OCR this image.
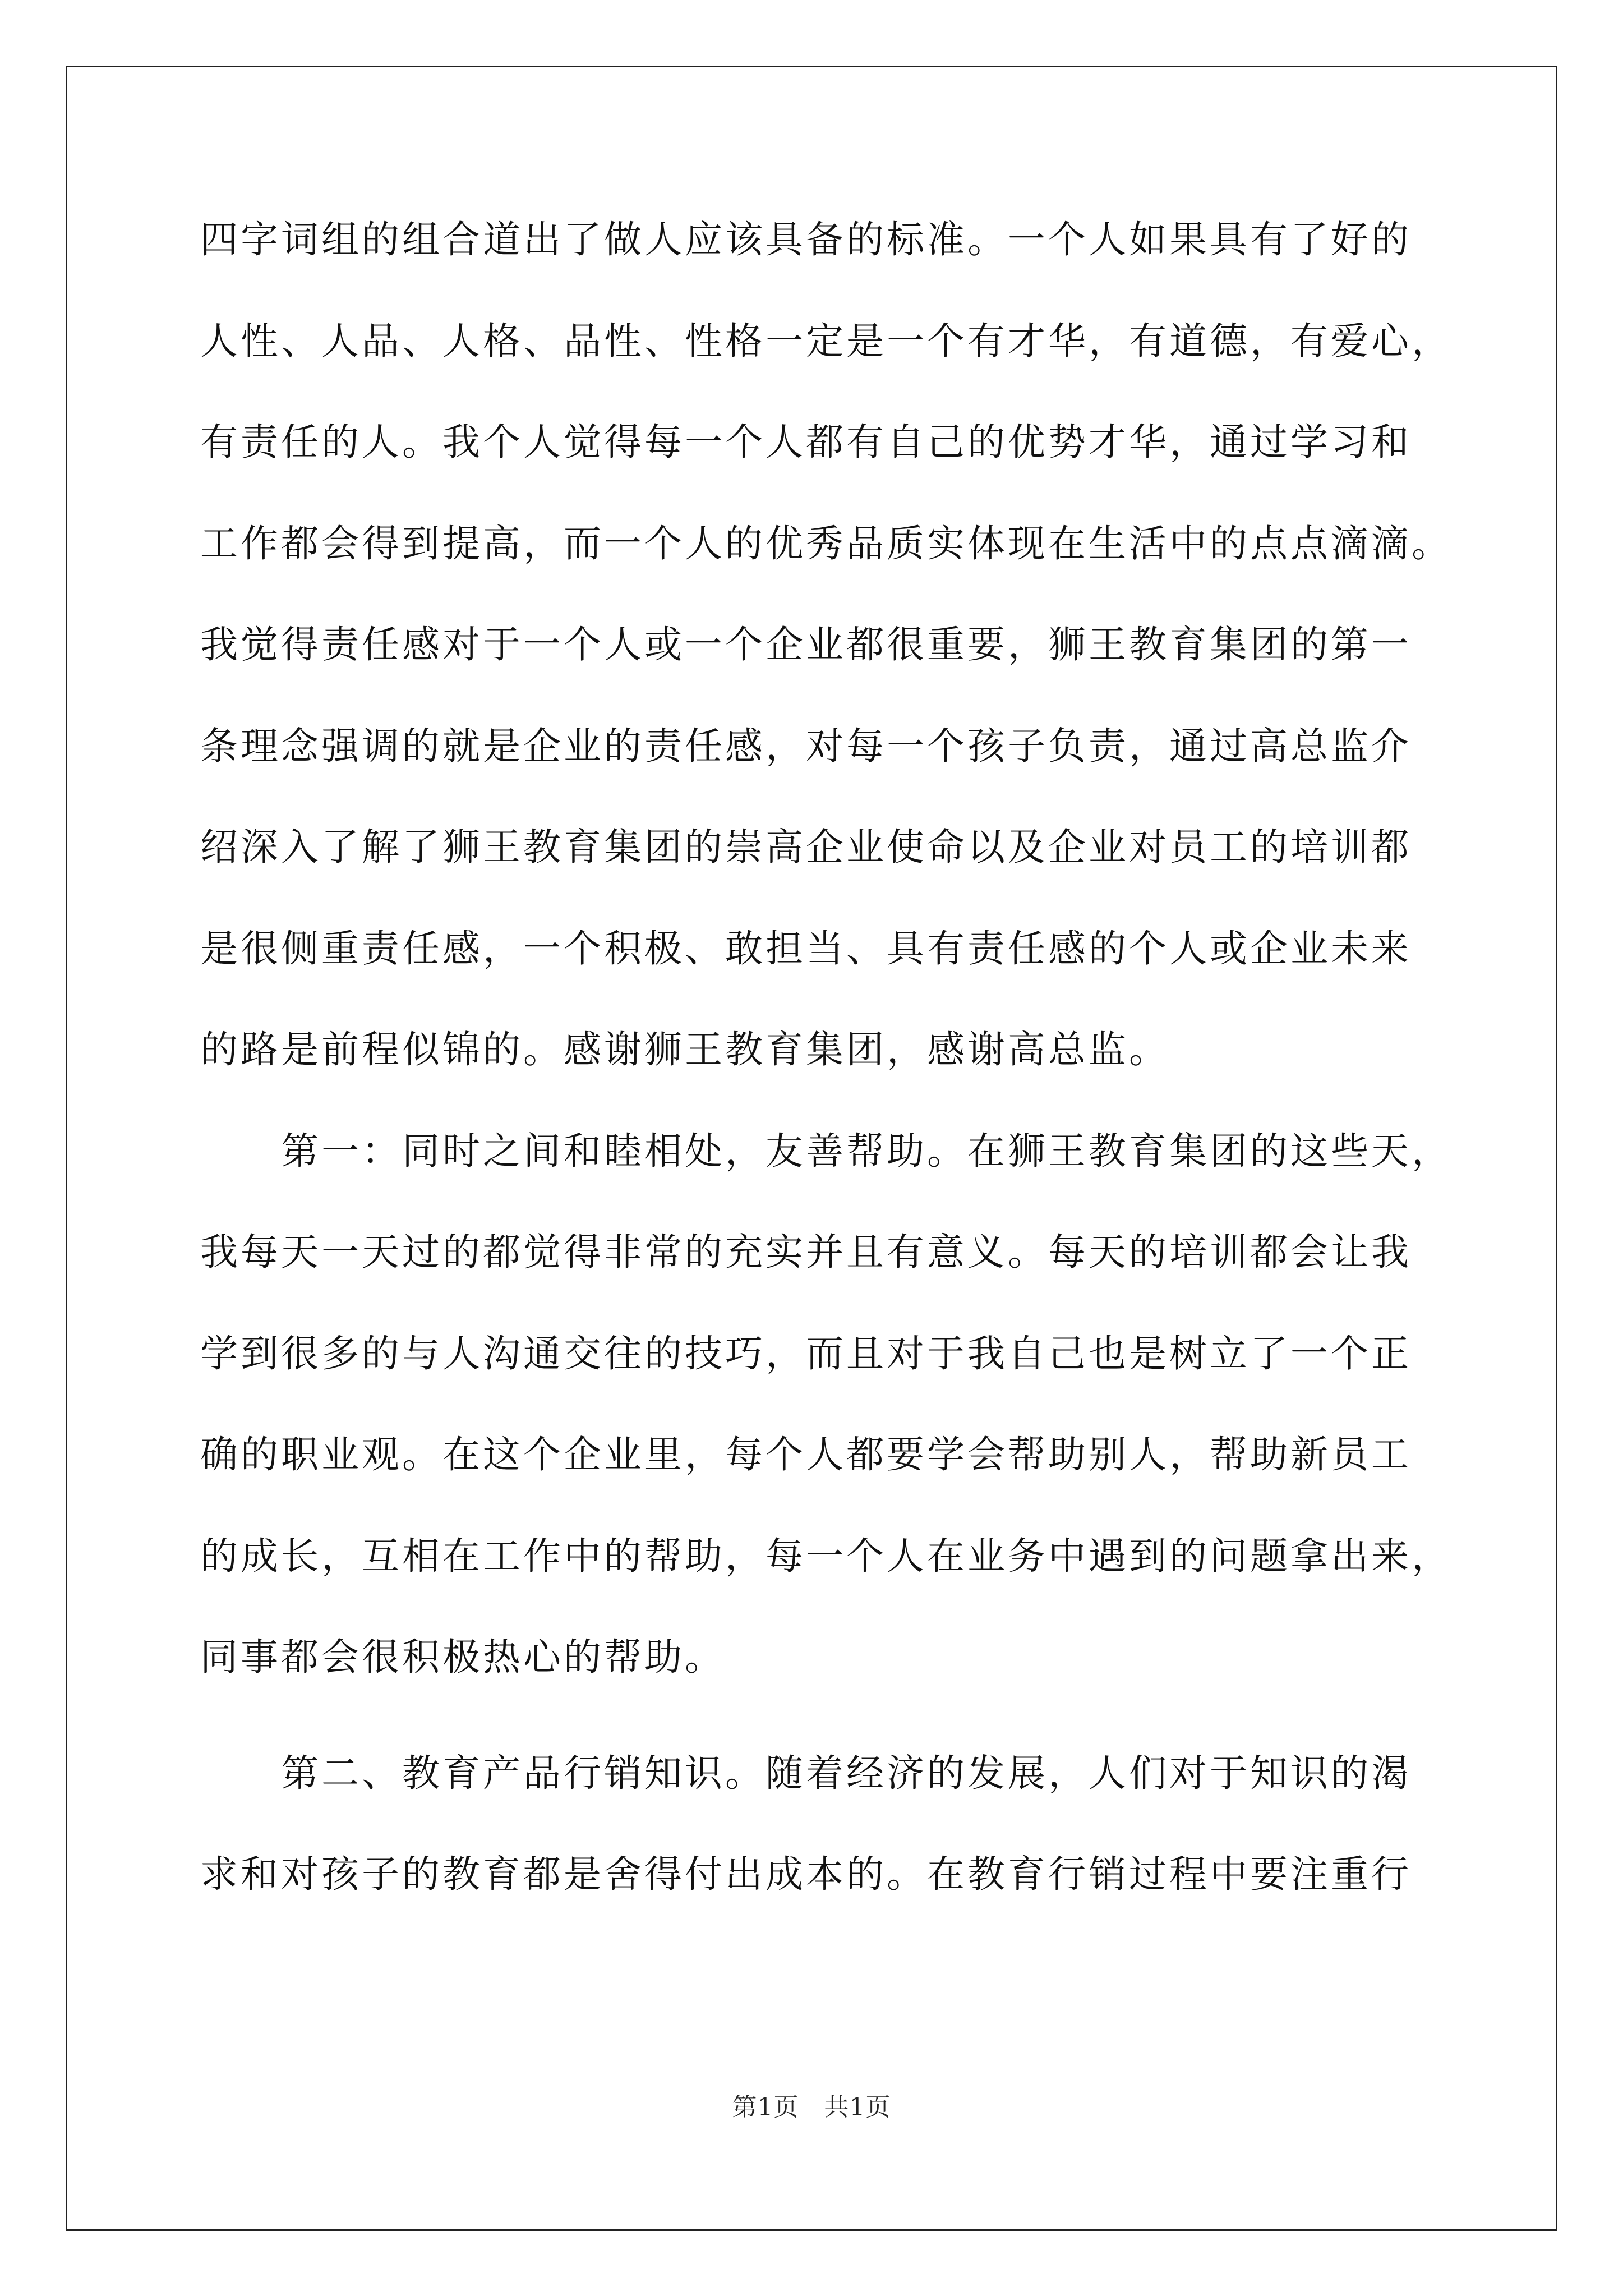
四字词组的组合道出了做人应该具备的标准。一个人如果具有了好的
人性、人品、人格、品性、性格一定是一个有才华，有道德，有爱心，
有责任的人。我个人觉得每一个人都有自己的优势才华，通过学习和
工作都会得到提高，而一个人的优秀品质实体现在生活中的点点滴滴。
我觉得责任感对于一个人或一个企业都很重要，狮王教育集团的第一
条理念强调的就是企业的责任感，对每一个孩子负责，通过高总监介
绍深入了解了狮王教育集团的崇高企业使命以及企业对员工的培训都
是很侧重责任感，一个积极、敢担当、具有责任感的个人或企业未来
的路是前程似锦的。感谢狮王教育集团，感谢高总监。
第一：同时之间和睦相处，友善帮助。在狮王教育集团的这些天，
我每天一天过的都觉得非常的充实并且有意义。每天的培训都会让我
学到很多的与人沟通交往的技巧，而且对于我自己也是树立了一个正
确的职业观。在这个企业里，每个人都要学会帮助别人，帮助新员工
的成长，互相在工作中的帮助，每一个人在业务中遇到的问题拿出来，
同事都会很积极热心的帮助。
第二、教育产品行销知识。随着经济的发展，人们对于知识的渴
求和对孩子的教育都是舍得付出成本的。在教育行销过程中要注重行
第1页　共1页
